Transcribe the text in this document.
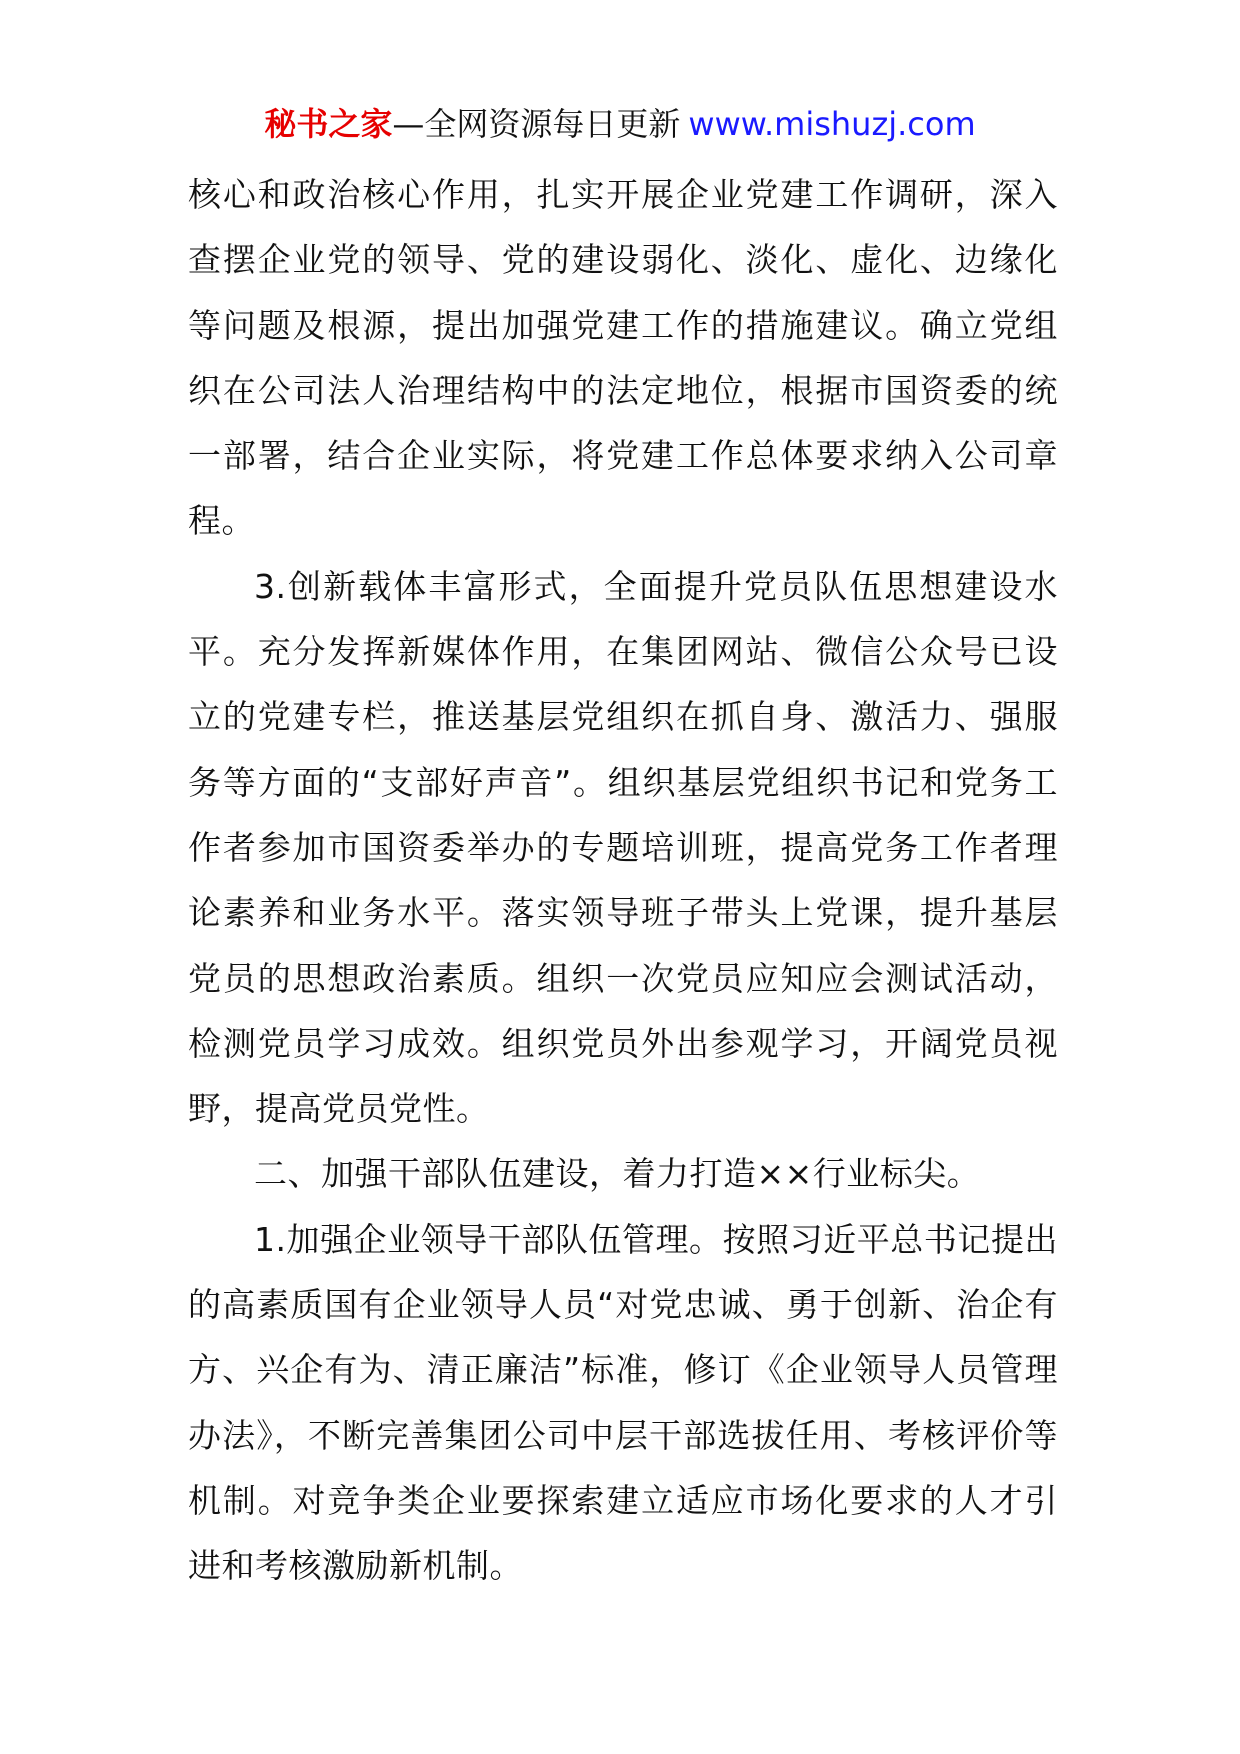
秘书之家—全网资源每日更新 www.mishuzj.com

核心和政治核心作用，扎实开展企业党建工作调研，深入查摆企业党的领导、党的建设弱化、淡化、虚化、边缘化等问题及根源，提出加强党建工作的措施建议。确立党组织在公司法人治理结构中的法定地位，根据市国资委的统一部署，结合企业实际，将党建工作总体要求纳入公司章程。

3.创新载体丰富形式，全面提升党员队伍思想建设水平。充分发挥新媒体作用，在集团网站、微信公众号已设立的党建专栏，推送基层党组织在抓自身、激活力、强服务等方面的“支部好声音”。组织基层党组织书记和党务工作者参加市国资委举办的专题培训班，提高党务工作者理论素养和业务水平。落实领导班子带头上党课，提升基层党员的思想政治素质。组织一次党员应知应会测试活动，检测党员学习成效。组织党员外出参观学习，开阔党员视野，提高党员党性。

二、加强干部队伍建设，着力打造××行业标尖。

1.加强企业领导干部队伍管理。按照习近平总书记提出的高素质国有企业领导人员“对党忠诚、勇于创新、治企有方、兴企有为、清正廉洁”标准，修订《企业领导人员管理办法》，不断完善集团公司中层干部选拔任用、考核评价等机制。对竞争类企业要探索建立适应市场化要求的人才引进和考核激励新机制。
